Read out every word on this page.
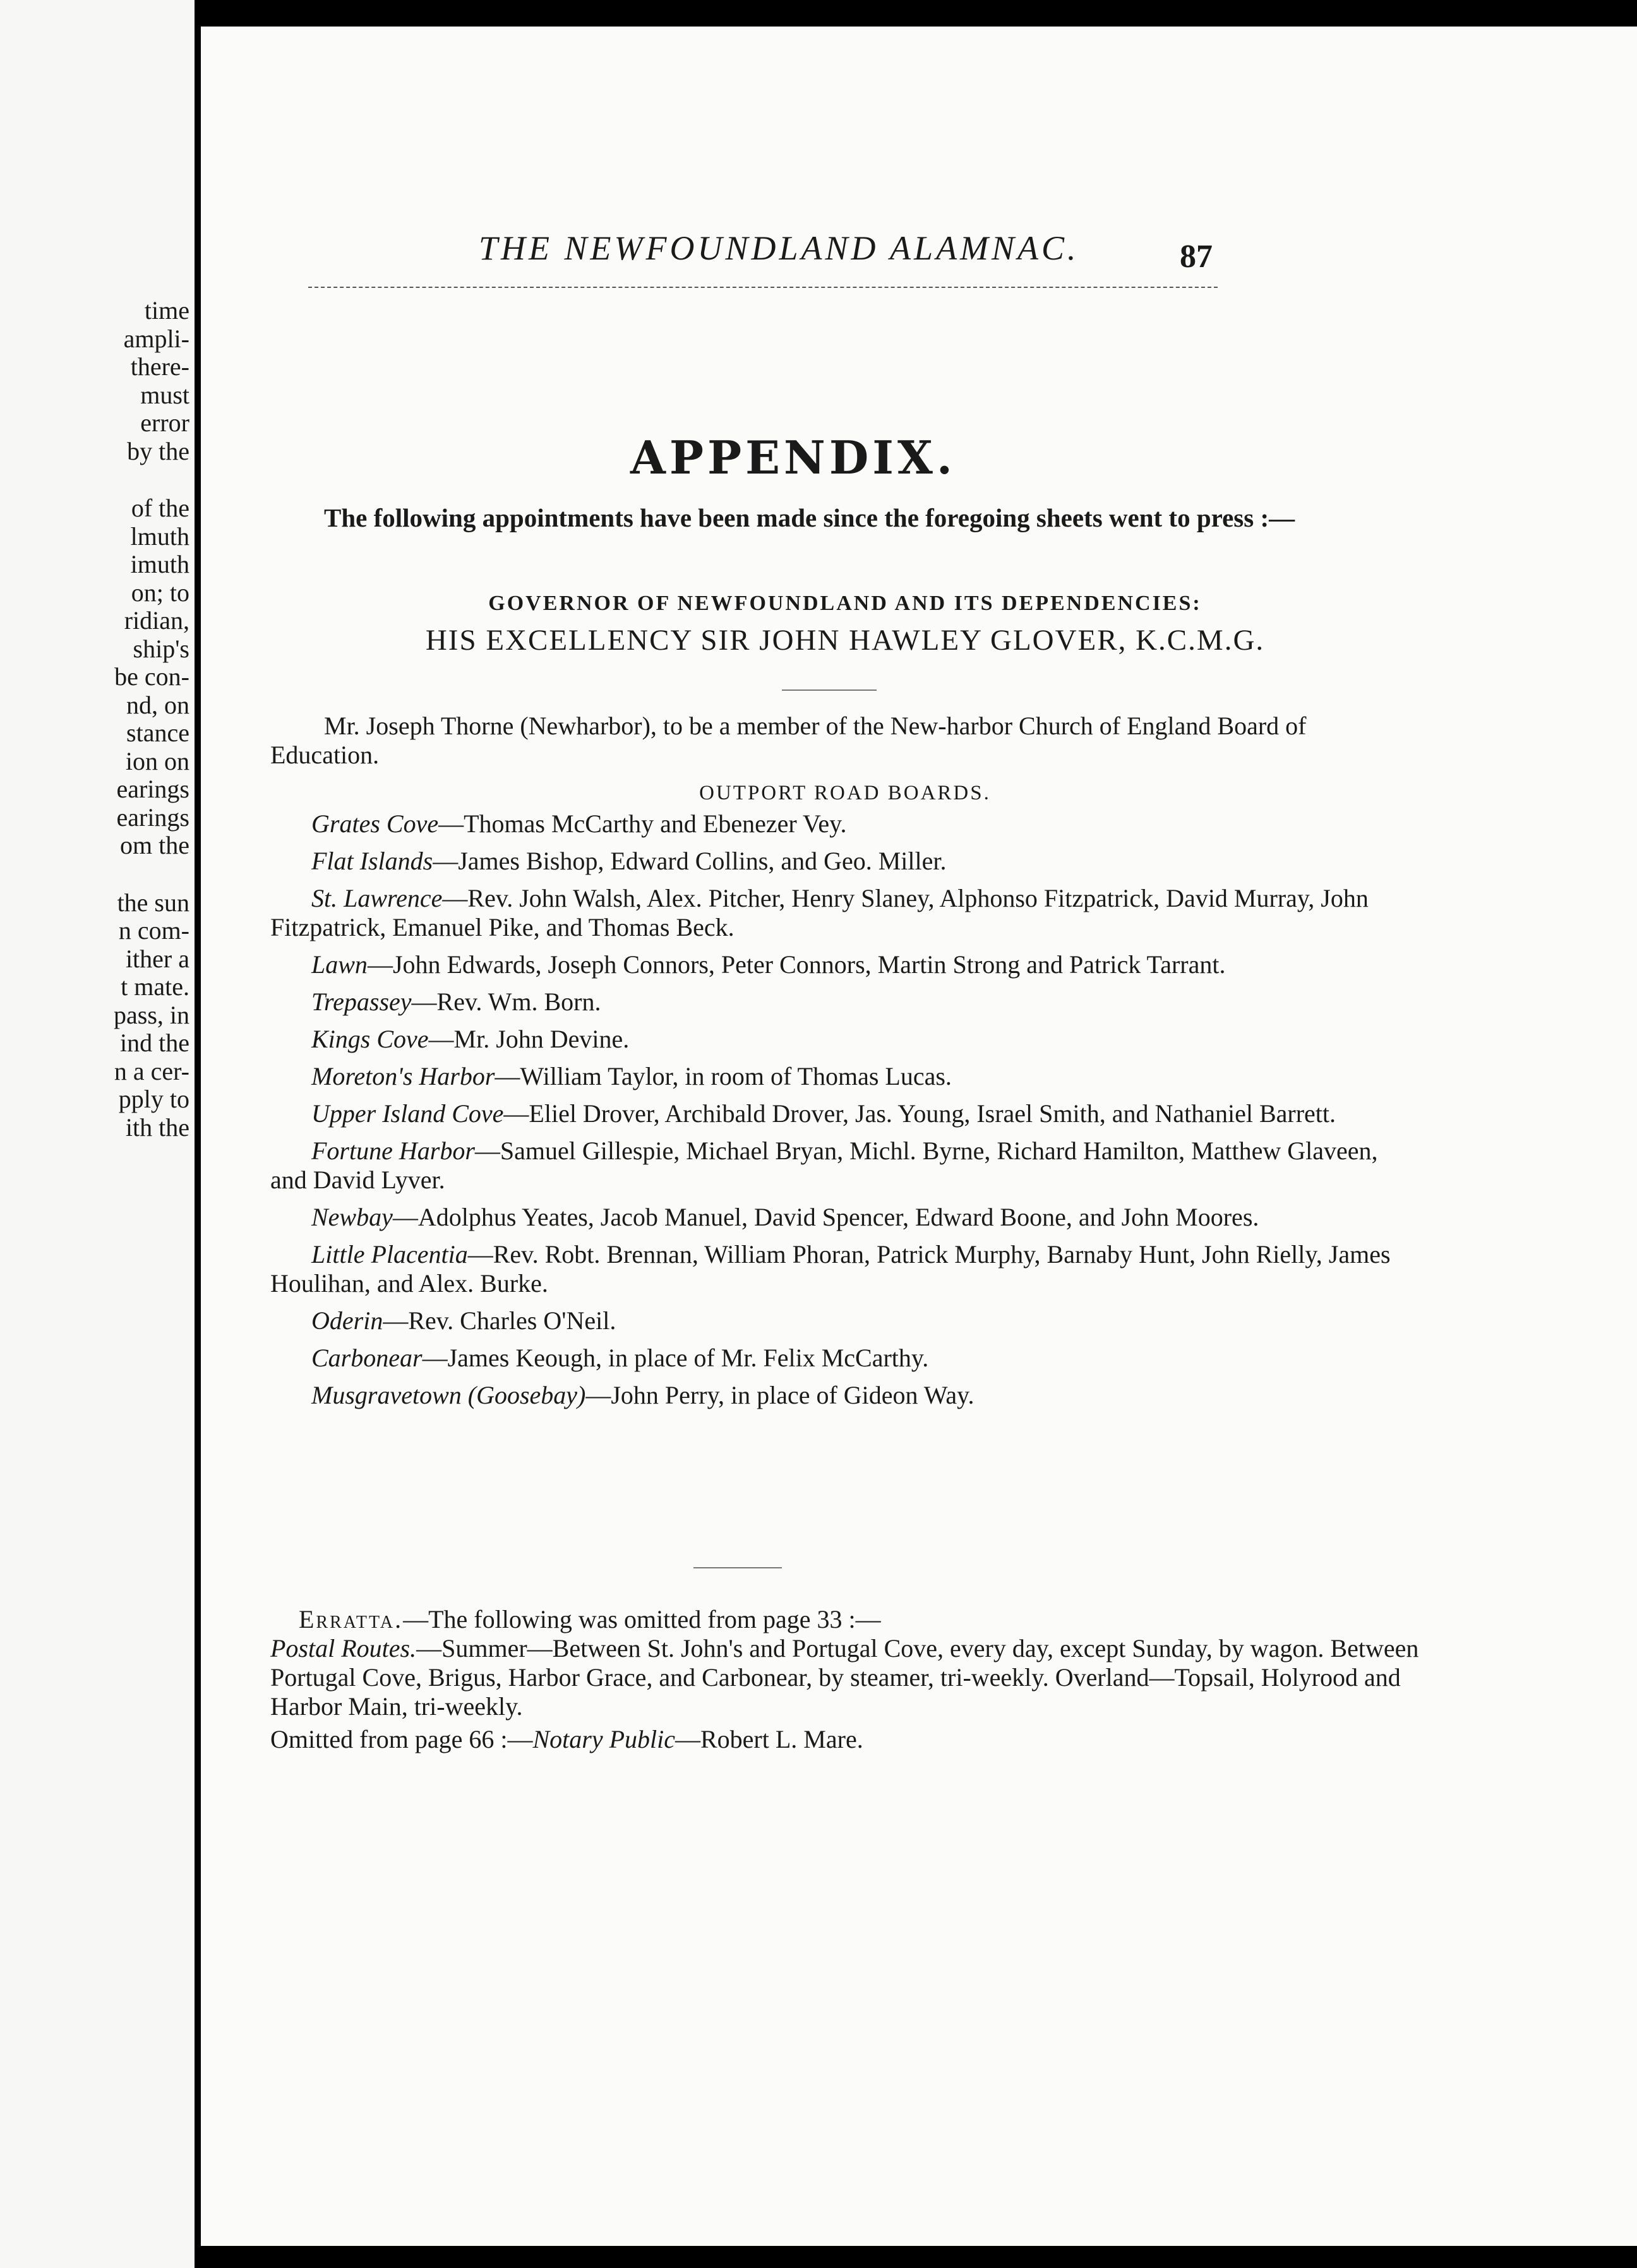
time
ampli-
there-
must
error
by the
of the
lmuth
imuth
on; to
ridian,
ship's
be con-
nd, on
stance
ion on
earings
earings
om the
the sun
n com-
ither a
t mate.
pass, in
ind the
n a cer-
pply to
ith the
THE NEWFOUNDLAND ALAMNAC.	87
APPENDIX.

The following appointments have been made since the foregoing sheets went to press :—

GOVERNOR OF NEWFOUNDLAND AND ITS DEPENDENCIES:
HIS EXCELLENCY SIR JOHN HAWLEY GLOVER, K.C.M.G.

Mr. Joseph Thorne (Newharbor), to be a member of the New-harbor Church of England Board of Education.

OUTPORT ROAD BOARDS.

Grates Cove—Thomas McCarthy and Ebenezer Vey.

Flat Islands—James Bishop, Edward Collins, and Geo. Miller.

St. Lawrence—Rev. John Walsh, Alex. Pitcher, Henry Slaney, Alphonso Fitzpatrick, David Murray, John Fitzpatrick, Emanuel Pike, and Thomas Beck.

Lawn—John Edwards, Joseph Connors, Peter Connors, Martin Strong and Patrick Tarrant.

Trepassey—Rev. Wm. Born.

Kings Cove—Mr. John Devine.

Moreton's Harbor—William Taylor, in room of Thomas Lucas.

Upper Island Cove—Eliel Drover, Archibald Drover, Jas. Young, Israel Smith, and Nathaniel Barrett.

Fortune Harbor—Samuel Gillespie, Michael Bryan, Michl. Byrne, Richard Hamilton, Matthew Glaveen, and David Lyver.

Newbay—Adolphus Yeates, Jacob Manuel, David Spencer, Edward Boone, and John Moores.

Little Placentia—Rev. Robt. Brennan, William Phoran, Patrick Murphy, Barnaby Hunt, John Rielly, James Houlihan, and Alex. Burke.

Oderin—Rev. Charles O'Neil.

Carbonear—James Keough, in place of Mr. Felix McCarthy.

Musgravetown (Goosebay)—John Perry, in place of Gideon Way.

Erratta.—The following was omitted from page 33 :—

Postal Routes.—Summer—Between St. John's and Portugal Cove, every day, except Sunday, by wagon. Between Portugal Cove, Brigus, Harbor Grace, and Carbonear, by steamer, tri-weekly. Overland—Topsail, Holyrood and Harbor Main, tri-weekly.

Omitted from page 66 :—Notary Public—Robert L. Mare.
